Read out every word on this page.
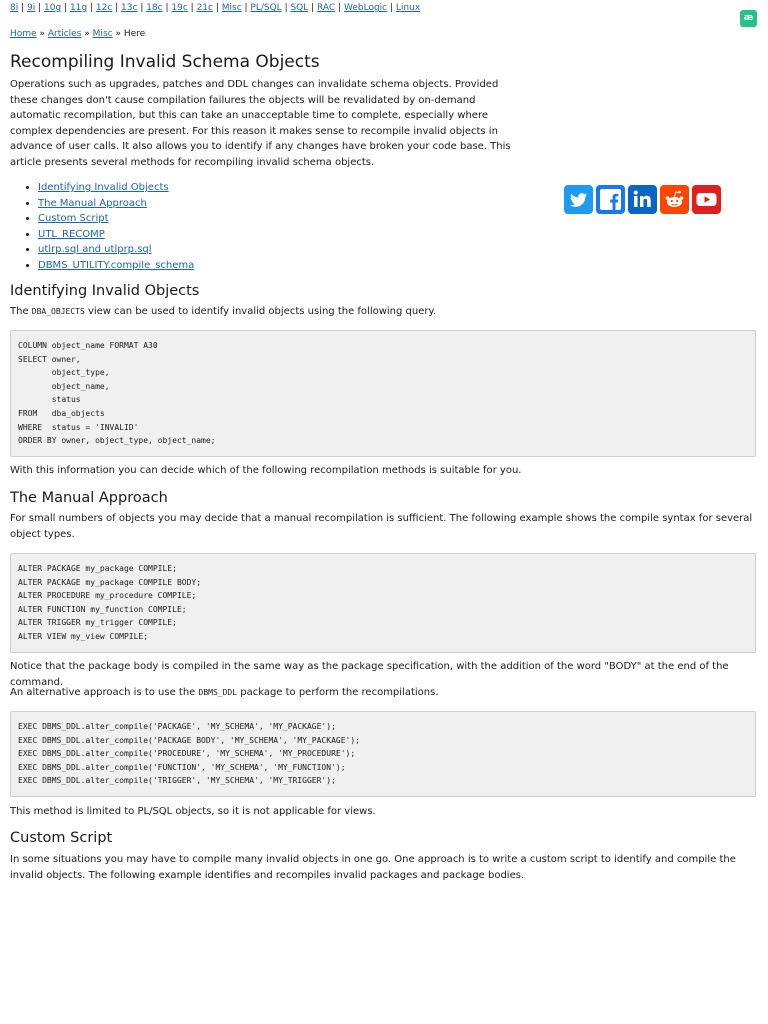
8i | 9i | 10g | 11g | 12c | 13c | 18c | 19c | 21c | Misc | PL/SQL | SQL | RAC | WebLogic | Linux
æ
Home » Articles » Misc » Here
Recompiling Invalid Schema Objects

Operations such as upgrades, patches and DDL changes can invalidate schema objects. Provided these changes don't cause compilation failures the objects will be revalidated by on-demand automatic recompilation, but this can take an unacceptable time to complete, especially where complex dependencies are present. For this reason it makes sense to recompile invalid objects in advance of user calls. It also allows you to identify if any changes have broken your code base. This article presents several methods for recompiling invalid schema objects.

• Identifying Invalid Objects
• The Manual Approach
• Custom Script
• UTL_RECOMP
• utlrp.sql and utlprp.sql
• DBMS_UTILITY.compile_schema
Identifying Invalid Objects

The DBA_OBJECTS view can be used to identify invalid objects using the following query.

COLUMN object_name FORMAT A30
SELECT owner,
object_type,
object_name,
status
FROM   dba_objects
WHERE  status = 'INVALID'
ORDER BY owner, object_type, object_name;

With this information you can decide which of the following recompilation methods is suitable for you.

The Manual Approach

For small numbers of objects you may decide that a manual recompilation is sufficient. The following example shows the compile syntax for several object types.

ALTER PACKAGE my_package COMPILE;
ALTER PACKAGE my_package COMPILE BODY;
ALTER PROCEDURE my_procedure COMPILE;
ALTER FUNCTION my_function COMPILE;
ALTER TRIGGER my_trigger COMPILE;
ALTER VIEW my_view COMPILE;

Notice that the package body is compiled in the same way as the package specification, with the addition of the word "BODY" at the end of the command.

An alternative approach is to use the DBMS_DDL package to perform the recompilations.

EXEC DBMS_DDL.alter_compile('PACKAGE', 'MY_SCHEMA', 'MY_PACKAGE');
EXEC DBMS_DDL.alter_compile('PACKAGE BODY', 'MY_SCHEMA', 'MY_PACKAGE');
EXEC DBMS_DDL.alter_compile('PROCEDURE', 'MY_SCHEMA', 'MY_PROCEDURE');
EXEC DBMS_DDL.alter_compile('FUNCTION', 'MY_SCHEMA', 'MY_FUNCTION');
EXEC DBMS_DDL.alter_compile('TRIGGER', 'MY_SCHEMA', 'MY_TRIGGER');

This method is limited to PL/SQL objects, so it is not applicable for views.

Custom Script

In some situations you may have to compile many invalid objects in one go. One approach is to write a custom script to identify and compile the invalid objects. The following example identifies and recompiles invalid packages and package bodies.
